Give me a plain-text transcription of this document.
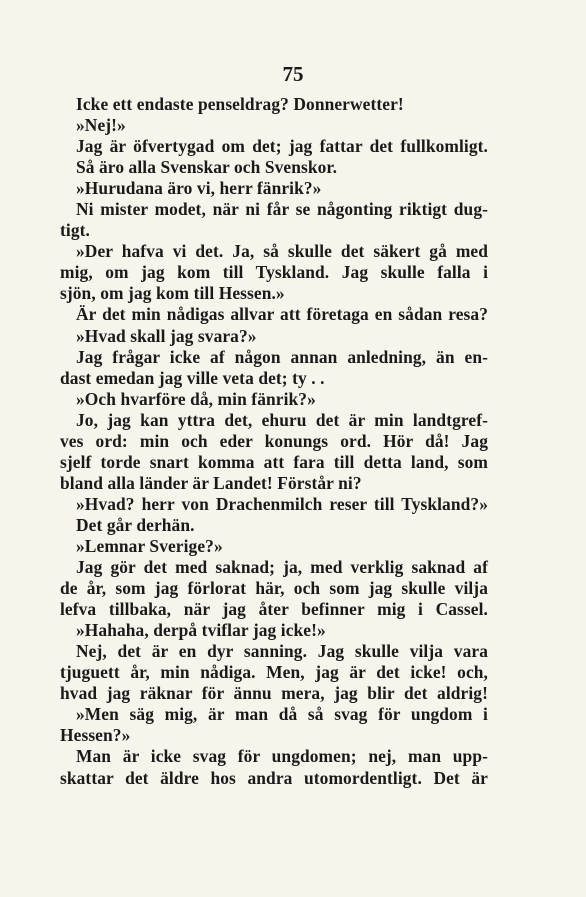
75
Icke ett endaste penseldrag? Donnerwetter!
»Nej!»
Jag är öfvertygad om det; jag fattar det fullkomligt.
Så äro alla Svenskar och Svenskor.
»Hurudana äro vi, herr fänrik?»
Ni mister modet, när ni får se någonting riktigt dug-
tigt.
»Der hafva vi det. Ja, så skulle det säkert gå med
mig, om jag kom till Tyskland. Jag skulle falla i
sjön, om jag kom till Hessen.»
Är det min nådigas allvar att företaga en sådan resa?
»Hvad skall jag svara?»
Jag frågar icke af någon annan anledning, än en-
dast emedan jag ville veta det; ty . .
»Och hvarföre då, min fänrik?»
Jo, jag kan yttra det, ehuru det är min landtgref-
ves ord: min och eder konungs ord. Hör då! Jag
sjelf torde snart komma att fara till detta land, som
bland alla länder är Landet! Förstår ni?
»Hvad? herr von Drachenmilch reser till Tyskland?»
Det går derhän.
»Lemnar Sverige?»
Jag gör det med saknad; ja, med verklig saknad af
de år, som jag förlorat här, och som jag skulle vilja
lefva tillbaka, när jag åter befinner mig i Cassel.
»Hahaha, derpå tviflar jag icke!»
Nej, det är en dyr sanning. Jag skulle vilja vara
tjuguett år, min nådiga. Men, jag är det icke! och,
hvad jag räknar för ännu mera, jag blir det aldrig!
»Men säg mig, är man då så svag för ungdom i
Hessen?»
Man är icke svag för ungdomen; nej, man upp-
skattar det äldre hos andra utomordentligt. Det är
